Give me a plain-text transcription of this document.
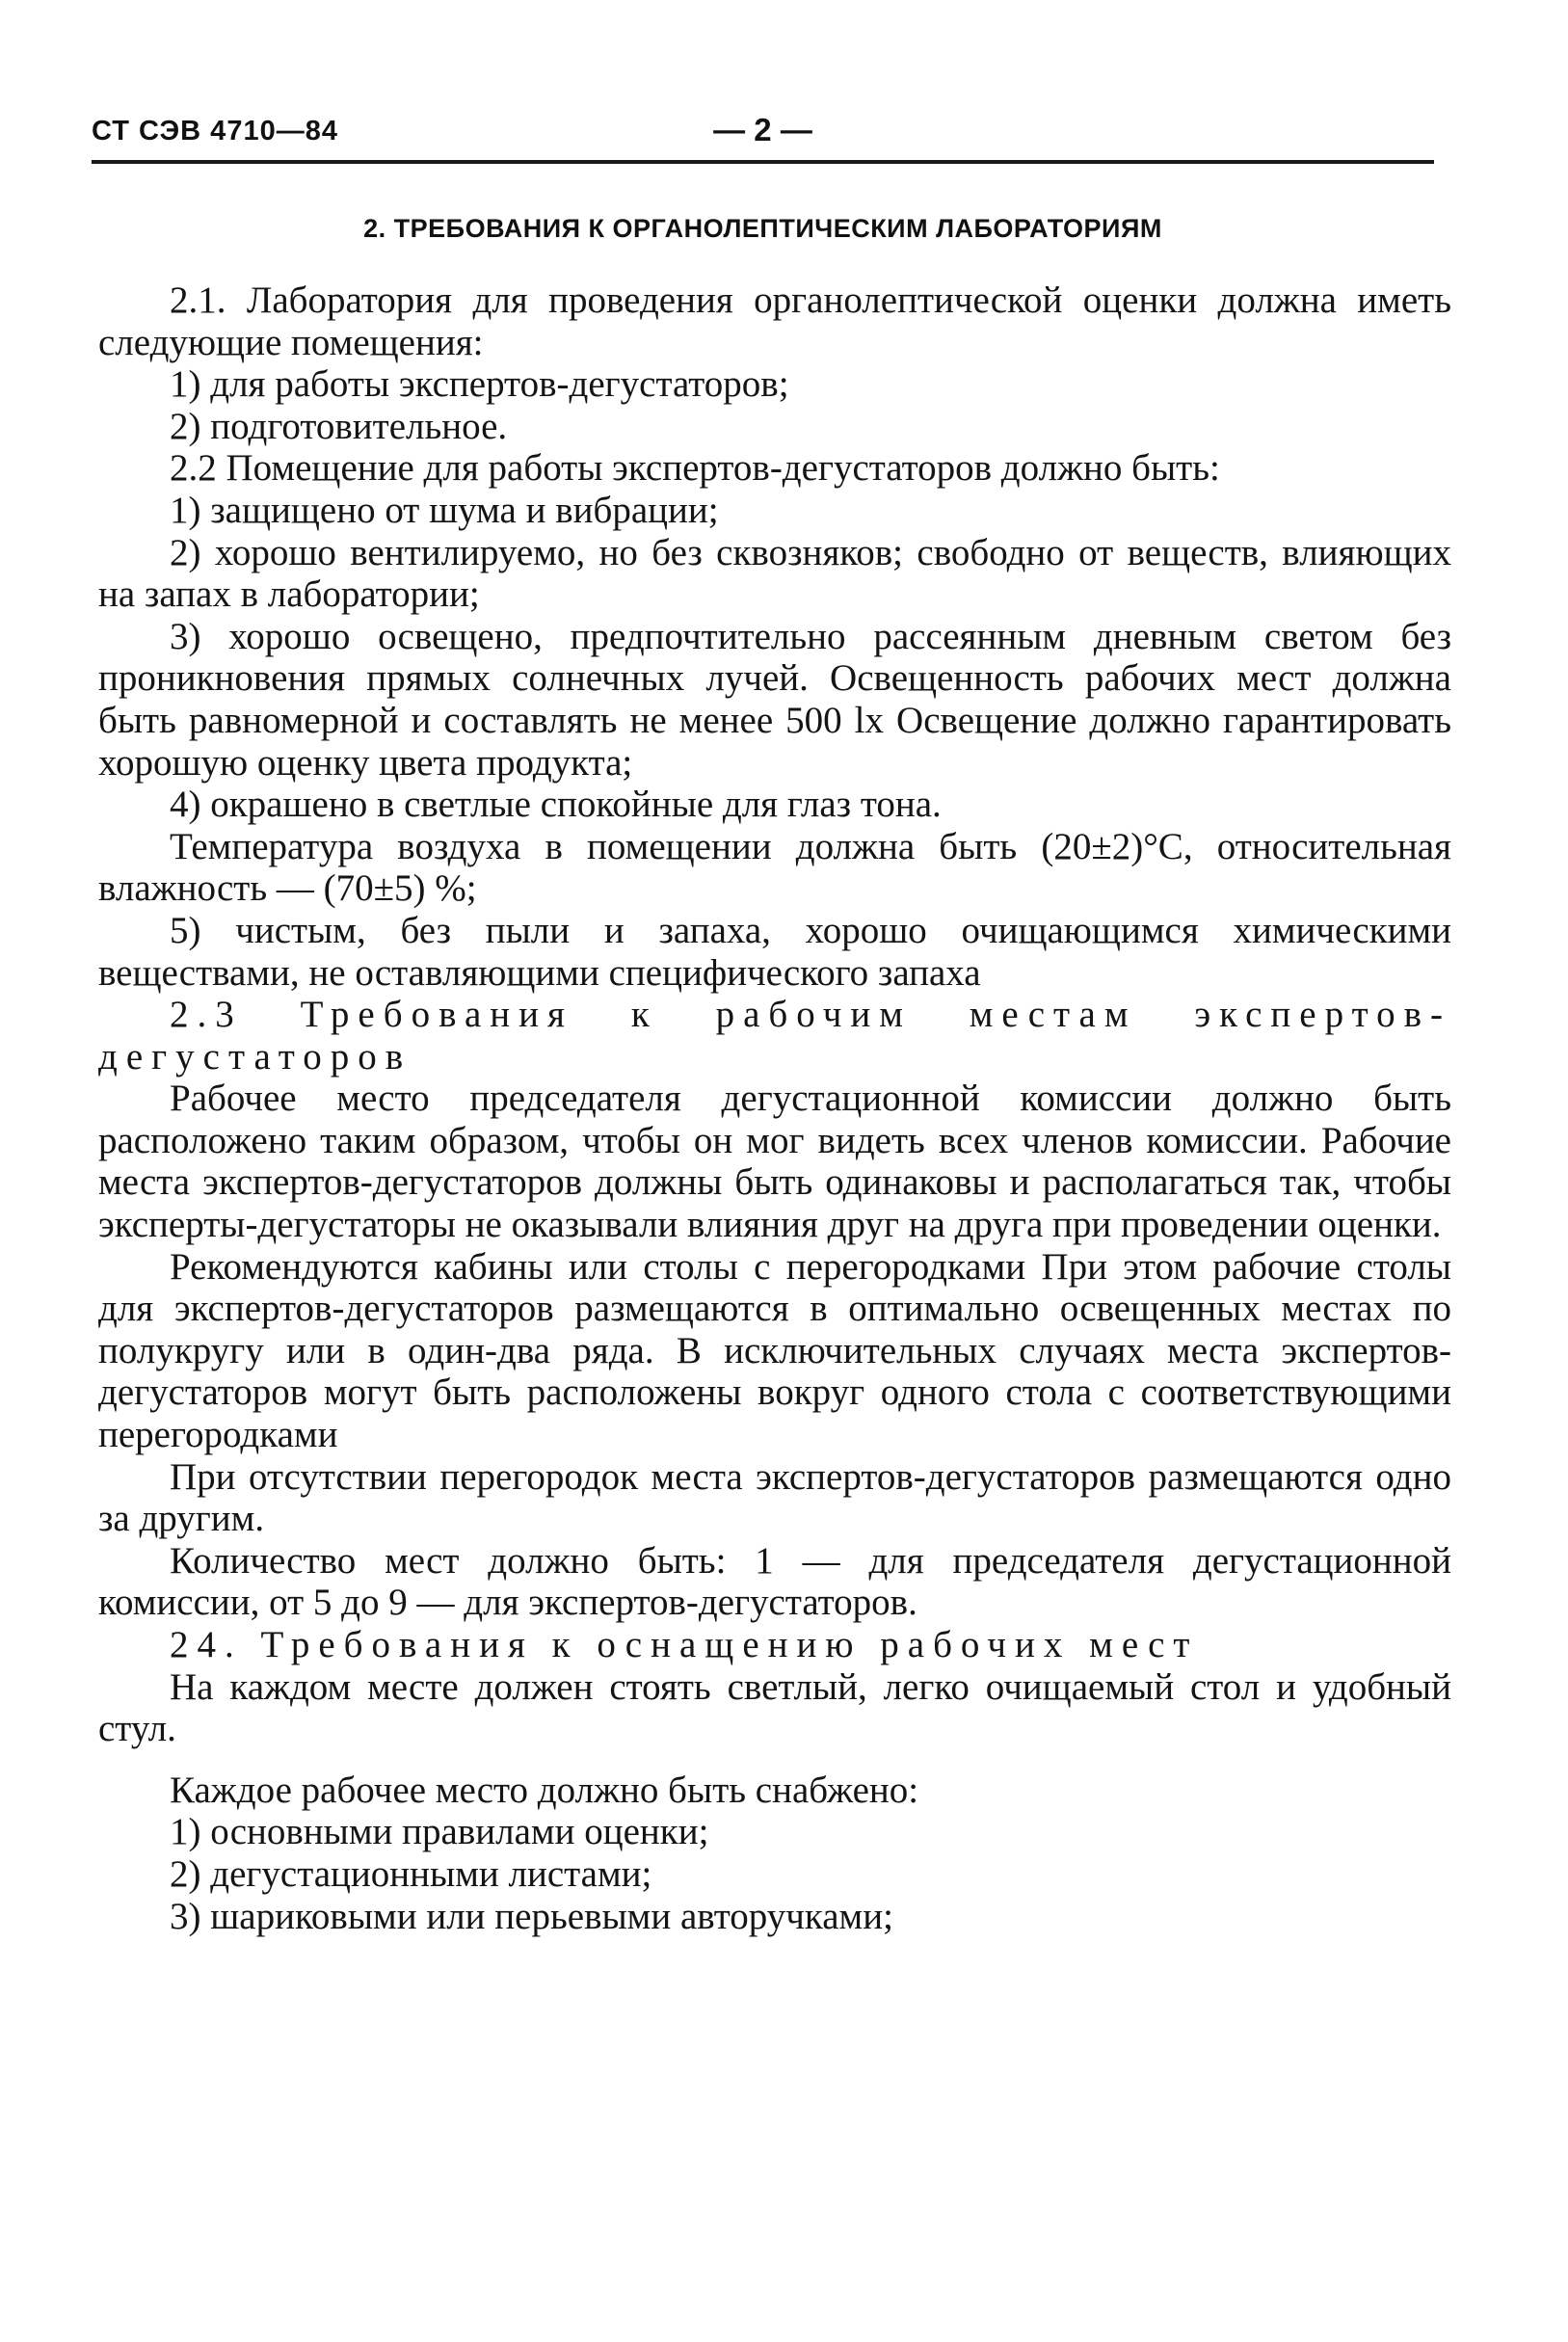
СТ СЭВ 4710—84	— 2 —
2. ТРЕБОВАНИЯ К ОРГАНОЛЕПТИЧЕСКИМ ЛАБОРАТОРИЯМ

2.1. Лаборатория для проведения органолептической оценки должна иметь следующие помещения:

1) для работы экспертов-дегустаторов;

2) подготовительное.

2.2 Помещение для работы экспертов-дегустаторов должно быть:

1) защищено от шума и вибрации;

2) хорошо вентилируемо, но без сквозняков; свободно от веществ, влияющих на запах в лаборатории;

3) хорошо освещено, предпочтительно рассеянным дневным светом без проникновения прямых солнечных лучей. Освещенность рабочих мест должна быть равномерной и составлять не менее 500 lх Освещение должно гарантировать хорошую оценку цвета продукта;

4) окрашено в светлые спокойные для глаз тона.

Температура воздуха в помещении должна быть (20±2)°С, относительная влажность — (70±5) %;

5) чистым, без пыли и запаха, хорошо очищающимся химическими веществами, не оставляющими специфического запаха

2.3 Требования к рабочим местам экспертов-дегустаторов

Рабочее место председателя дегустационной комиссии должно быть расположено таким образом, чтобы он мог видеть всех членов комиссии. Рабочие места экспертов-дегустаторов должны быть одинаковы и располагаться так, чтобы эксперты-дегустаторы не оказывали влияния друг на друга при проведении оценки.

Рекомендуются кабины или столы с перегородками При этом рабочие столы для экспертов-дегустаторов размещаются в оптимально освещенных местах по полукругу или в один-два ряда. В исключительных случаях места экспертов-дегустаторов могут быть расположены вокруг одного стола с соответствующими перегородками

При отсутствии перегородок места экспертов-дегустаторов размещаются одно за другим.

Количество мест должно быть: 1 — для председателя дегустационной комиссии, от 5 до 9 — для экспертов-дегустаторов.

24. Требования к оснащению рабочих мест

На каждом месте должен стоять светлый, легко очищаемый стол и удобный стул.

Каждое рабочее место должно быть снабжено:

1) основными правилами оценки;

2) дегустационными листами;

3) шариковыми или перьевыми авторучками;
